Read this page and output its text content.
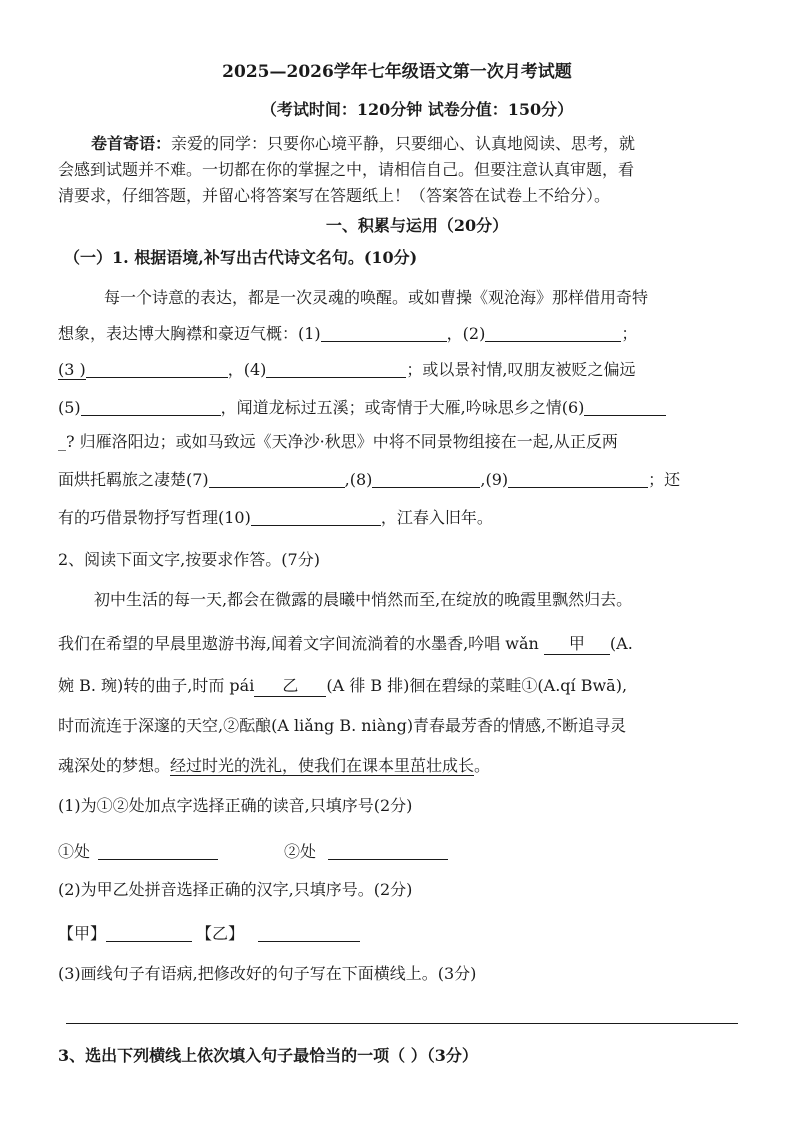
2025—2026学年七年级语文第一次月考试题
（考试时间：120分钟 试卷分值：150分）
卷首寄语：亲爱的同学：只要你心境平静，只要细心、认真地阅读、思考，就
会感到试题并不难。一切都在你的掌握之中，请相信自己。但要注意认真审题，看
清要求，仔细答题，并留心将答案写在答题纸上！（答案答在试卷上不给分）。
一、积累与运用（20分）
（一）1. 根据语境,补写出古代诗文名句。(10分)
每一个诗意的表达，都是一次灵魂的唤醒。或如曹操《观沧海》那样借用奇特
想象，表达博大胸襟和豪迈气概：(1)	，(2)	；
(3 )	，(4)	；或以景衬情,叹朋友被贬之偏远
(5)	，闻道龙标过五溪；或寄情于大雁,吟咏思乡之情(6)
_? 归雁洛阳边；或如马致远《天净沙·秋思》中将不同景物组接在一起,从正反两
面烘托羁旅之凄楚(7)	,(8)	,(9)	；还
有的巧借景物抒写哲理(10)	，江春入旧年。
2、阅读下面文字,按要求作答。(7分)
初中生活的每一天,都会在微露的晨曦中悄然而至,在绽放的晚霞里飘然归去。
我们在希望的早晨里遨游书海,闻着文字间流淌着的水墨香,吟唱 wǎn 甲 (A.
婉 B. 琬)转的曲子,时而 pái 乙 (A 徘 B 排)徊在碧绿的菜畦①(A.qí Bwā),
时而流连于深邃的天空,②酝酿(A liǎng B. niàng)青春最芳香的情感,不断追寻灵
魂深处的梦想。经过时光的洗礼，使我们在课本里茁壮成长。
(1)为①②处加点字选择正确的读音,只填序号(2分)
①处	②处
(2)为甲乙处拼音选择正确的汉字,只填序号。(2分)
【甲】	【乙】
(3)画线句子有语病,把修改好的句子写在下面横线上。(3分)
3、选出下列横线上依次填入句子最恰当的一项（ ）（3分）
